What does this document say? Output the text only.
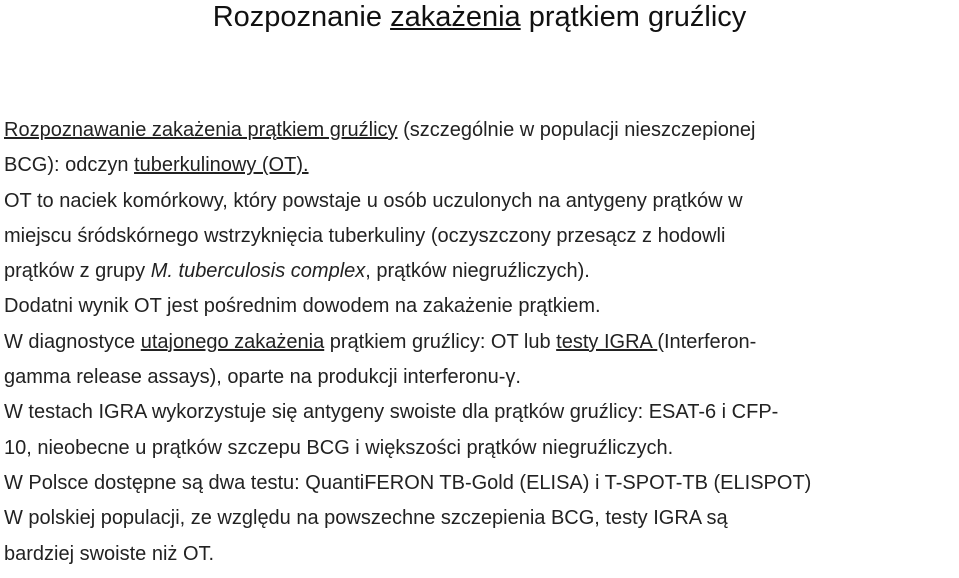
Rozpoznanie zakażenia prątkiem gruźlicy

Rozpoznawanie zakażenia prątkiem gruźlicy (szczególnie w populacji nieszczepionej
BCG): odczyn tuberkulinowy (OT).

OT to naciek komórkowy, który powstaje u osób uczulonych na antygeny prątków w
miejscu śródskórnego wstrzyknięcia tuberkuliny (oczyszczony przesącz z hodowli
prątków z grupy M. tuberculosis complex, prątków niegruźliczych).

Dodatni wynik OT jest pośrednim dowodem na zakażenie prątkiem.

W diagnostyce utajonego zakażenia prątkiem gruźlicy: OT lub testy IGRA (Interferon-
gamma release assays), oparte na produkcji interferonu-γ.

W testach IGRA wykorzystuje się antygeny swoiste dla prątków gruźlicy: ESAT-6 i CFP-
10, nieobecne u prątków szczepu BCG i większości prątków niegruźliczych.

W Polsce dostępne są dwa testu: QuantiFERON TB-Gold (ELISA) i T-SPOT-TB (ELISPOT)

W polskiej populacji, ze względu na powszechne szczepienia BCG, testy IGRA są
bardziej swoiste niż OT.
